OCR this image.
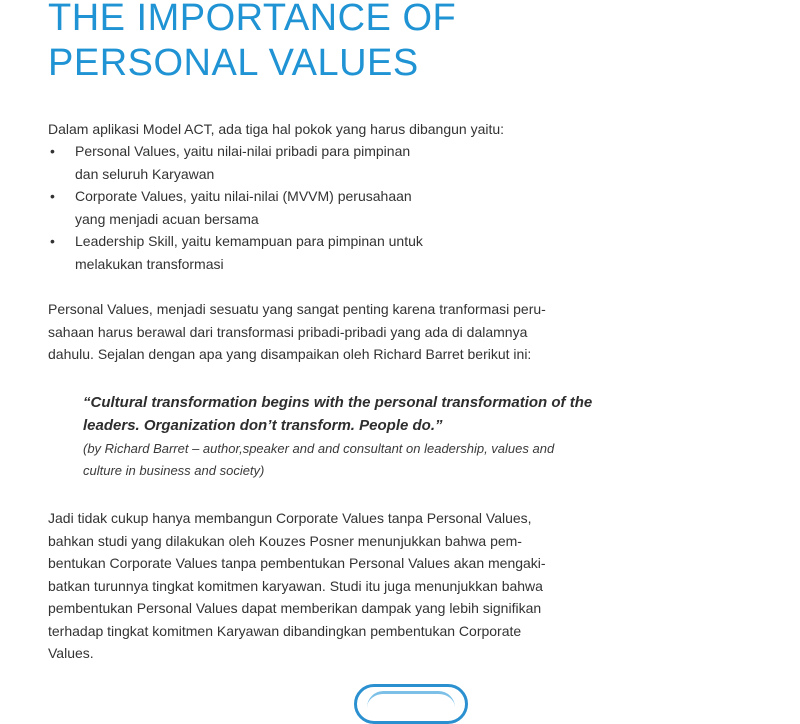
THE IMPORTANCE OF
PERSONAL VALUES

Dalam aplikasi Model ACT, ada tiga hal pokok yang harus dibangun yaitu:

• Personal Values, yaitu nilai-nilai pribadi para pimpinan
dan seluruh Karyawan
• Corporate Values, yaitu nilai-nilai (MVVM) perusahaan
yang menjadi acuan bersama
• Leadership Skill, yaitu kemampuan para pimpinan untuk
melakukan transformasi

Personal Values, menjadi sesuatu yang sangat penting karena tranformasi peru-
sahaan harus berawal dari transformasi pribadi-pribadi yang ada di dalamnya
dahulu. Sejalan dengan apa yang disampaikan oleh Richard Barret berikut ini:

“Cultural transformation begins with the personal transformation of the
leaders. Organization don’t transform. People do.”

(by Richard Barret – author,speaker and and consultant on leadership, values and
culture in business and society)

Jadi tidak cukup hanya membangun Corporate Values tanpa Personal Values,
bahkan studi yang dilakukan oleh Kouzes Posner menunjukkan bahwa pem-
bentukan Corporate Values tanpa pembentukan Personal Values akan mengaki-
batkan turunnya tingkat komitmen karyawan. Studi itu juga menunjukkan bahwa
pembentukan Personal Values dapat memberikan dampak yang lebih signifikan
terhadap tingkat komitmen Karyawan dibandingkan pembentukan Corporate
Values.
